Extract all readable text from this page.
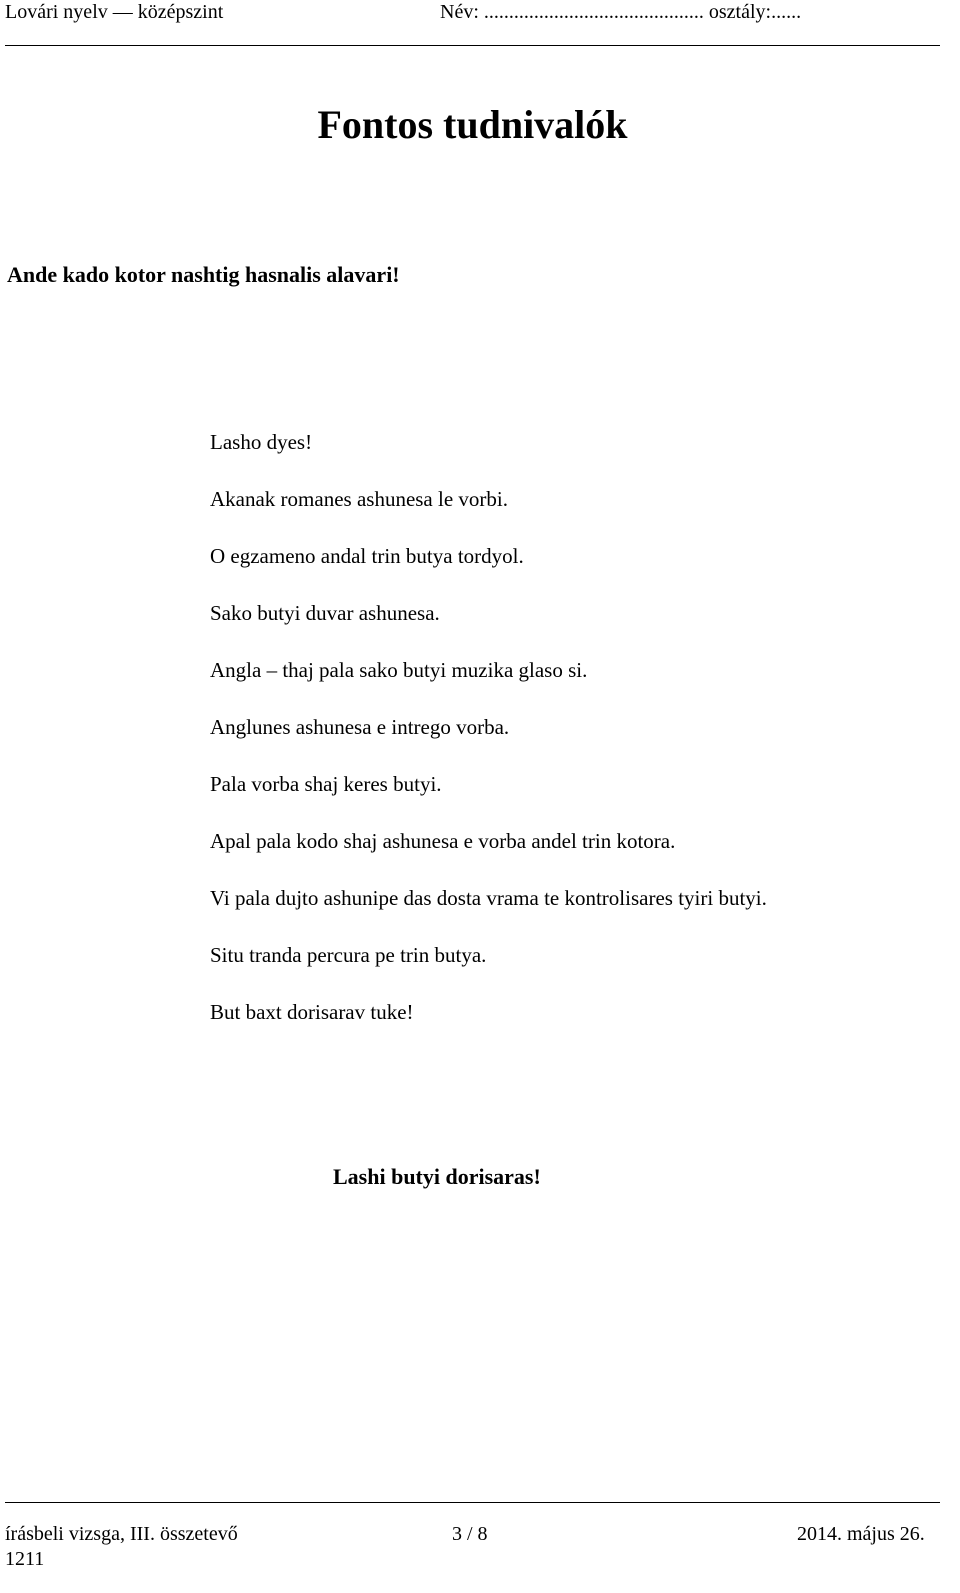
Lovári nyelv — középszint	Név: ............................................ osztály:......
Fontos tudnivalók
Ande kado kotor nashtig hasnalis alavari!
Lasho dyes!
Akanak romanes ashunesa le vorbi.
O egzameno andal trin butya tordyol.
Sako butyi duvar ashunesa.
Angla – thaj pala sako butyi muzika glaso si.
Anglunes ashunesa e intrego vorba.
Pala vorba shaj keres butyi.
Apal pala kodo shaj ashunesa e vorba andel trin kotora.
Vi pala dujto ashunipe das dosta vrama te kontrolisares tyiri butyi.
Situ tranda percura pe trin butya.
But baxt dorisarav tuke!
Lashi butyi dorisaras!
írásbeli vizsga, III. összetevő	3 / 8	2014. május 26.
1211
